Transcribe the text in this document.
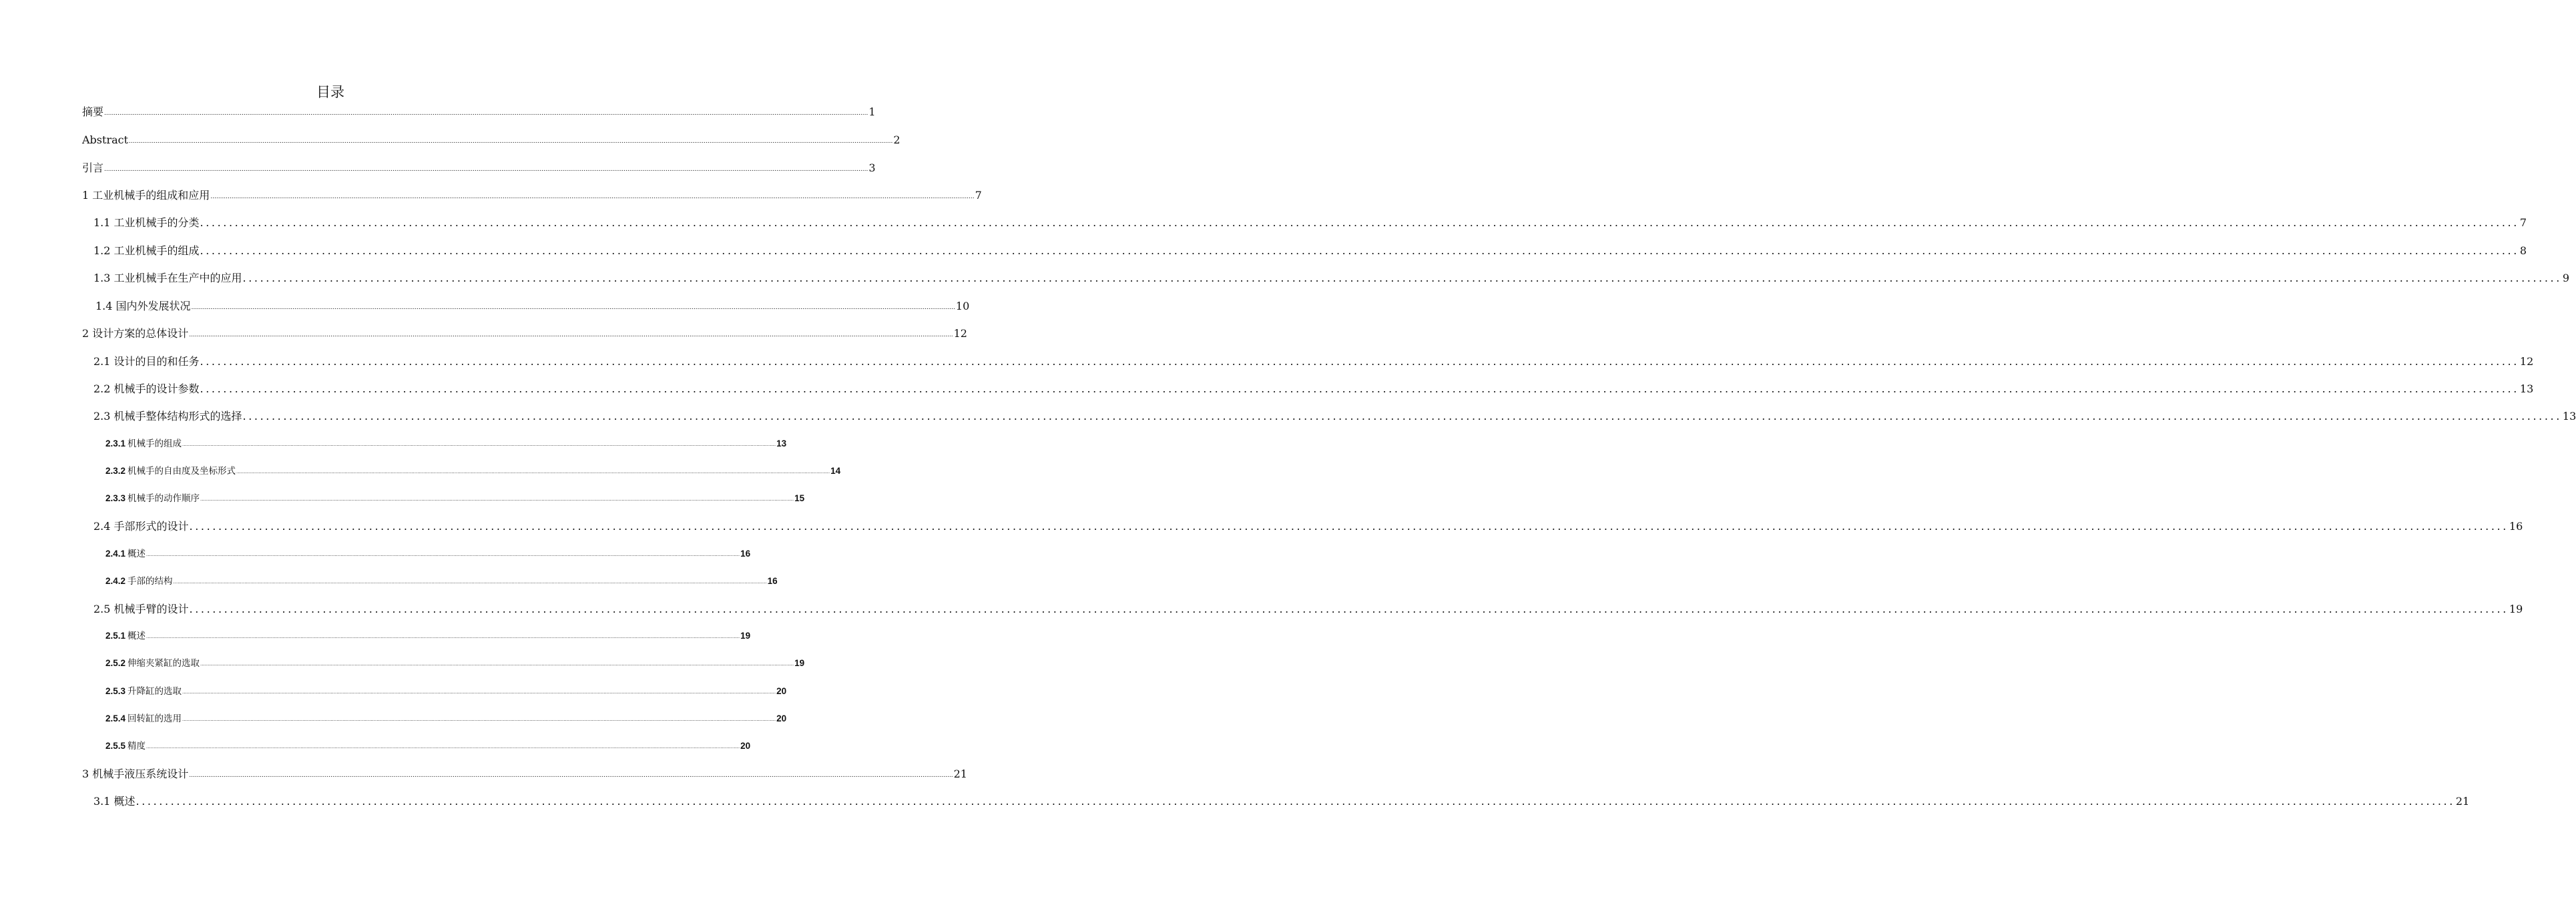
目录
摘要 ................................................................................................................................................................................................................................................................................................................................................................................................................ 1
Abstract ................................................................................................................................................................................................................................................................................................................................................................................................................ 2
引言 ................................................................................................................................................................................................................................................................................................................................................................................................................ 3
1 工业机械手的组成和应用 ................................................................................................................................................................................................................................................................................................................................................................................................................ 7
1.1 工业机械手的分类 ................................................................................................................................................................................................................................................................................................................................................................................................................ 7
1.2 工业机械手的组成 ................................................................................................................................................................................................................................................................................................................................................................................................................ 8
1.3 工业机械手在生产中的应用 ................................................................................................................................................................................................................................................................................................................................................................................................................ 9
1.4 国内外发展状况 ................................................................................................................................................................................................................................................................................................................................................................................................................ 10
2 设计方案的总体设计 ................................................................................................................................................................................................................................................................................................................................................................................................................ 12
2.1 设计的目的和任务 ................................................................................................................................................................................................................................................................................................................................................................................................................ 12
2.2 机械手的设计参数 ................................................................................................................................................................................................................................................................................................................................................................................................................ 13
2.3 机械手整体结构形式的选择 ................................................................................................................................................................................................................................................................................................................................................................................................................ 13
2.3.1 机械手的组成 ................................................................................................................................................................................................................................................................................................................................................................................................................ 13
2.3.2 机械手的自由度及坐标形式 ................................................................................................................................................................................................................................................................................................................................................................................................................ 14
2.3.3 机械手的动作顺序 ................................................................................................................................................................................................................................................................................................................................................................................................................ 15
2.4 手部形式的设计 ................................................................................................................................................................................................................................................................................................................................................................................................................ 16
2.4.1 概述 ................................................................................................................................................................................................................................................................................................................................................................................................................ 16
2.4.2 手部的结构 ................................................................................................................................................................................................................................................................................................................................................................................................................ 16
2.5 机械手臂的设计 ................................................................................................................................................................................................................................................................................................................................................................................................................ 19
2.5.1 概述 ................................................................................................................................................................................................................................................................................................................................................................................................................ 19
2.5.2 伸缩夹紧缸的选取 ................................................................................................................................................................................................................................................................................................................................................................................................................ 19
2.5.3 升降缸的选取 ................................................................................................................................................................................................................................................................................................................................................................................................................ 20
2.5.4 回转缸的选用 ................................................................................................................................................................................................................................................................................................................................................................................................................ 20
2.5.5 精度 ................................................................................................................................................................................................................................................................................................................................................................................................................ 20
3 机械手液压系统设计 ................................................................................................................................................................................................................................................................................................................................................................................................................ 21
3.1 概述 ................................................................................................................................................................................................................................................................................................................................................................................................................ 21
